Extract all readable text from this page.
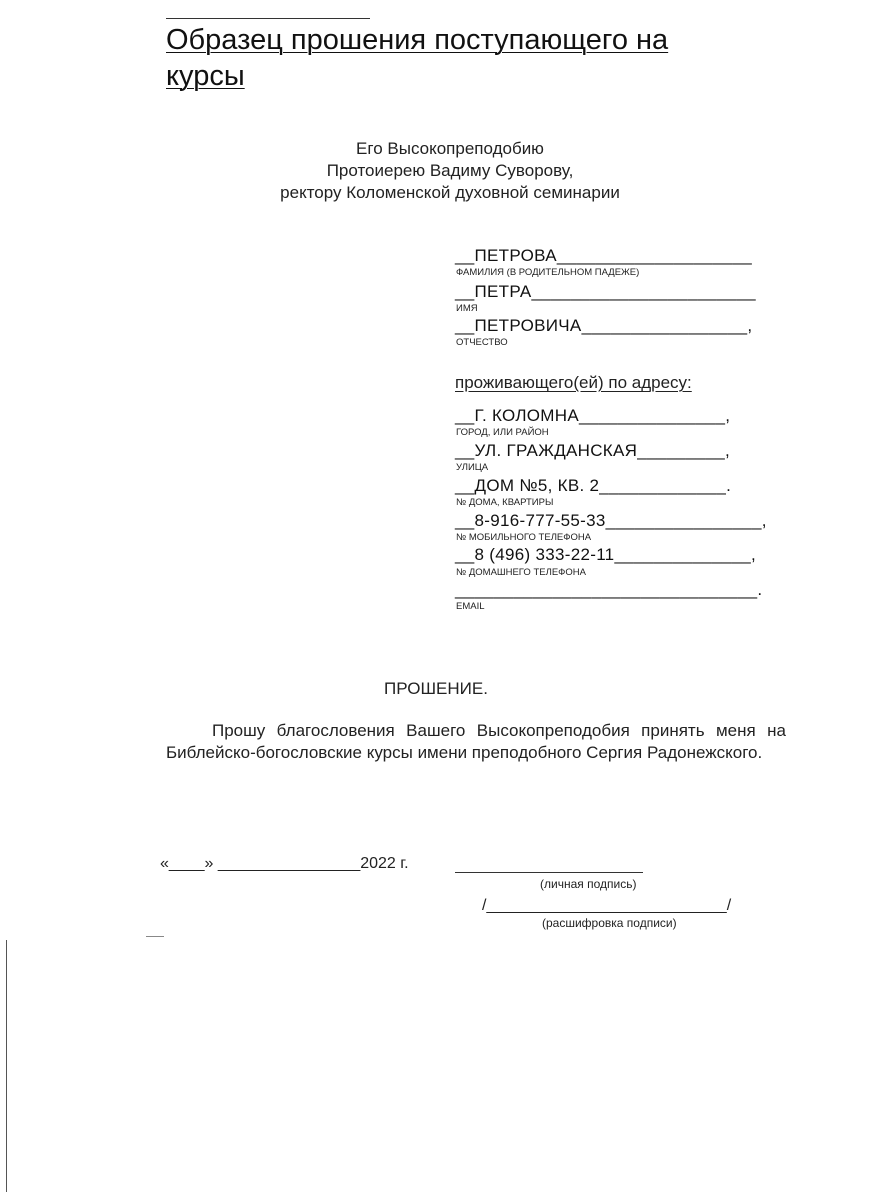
Образец прошения поступающего на курсы
Его Высокопреподобию
Протоиерею Вадиму Суворову,
ректору Коломенской духовной семинарии
__ПЕТРОВА____________________
ФАМИЛИЯ (В РОДИТЕЛЬНОМ ПАДЕЖЕ)
__ПЕТРА_______________________
ИМЯ
__ПЕТРОВИЧА_________________,
ОТЧЕСТВО
проживающего(ей) по адресу:
__Г. КОЛОМНА_______________,
ГОРОД, ИЛИ РАЙОН
__УЛ. ГРАЖДАНСКАЯ_________,
УЛИЦА
__ДОМ №5, КВ. 2_____________.
№ ДОМА, КВАРТИРЫ
__8-916-777-55-33________________,
№ МОБИЛЬНОГО ТЕЛЕФОНА
__8 (496) 333-22-11______________,
№ ДОМАШНЕГО ТЕЛЕФОНА
_______________________________.
EMAIL
ПРОШЕНИЕ.
Прошу благословения Вашего Высокопреподобия принять меня на Библейско-богословские курсы имени преподобного Сергия Радонежского.
«____» ________________2022 г.
(личная подпись)
/___________________________/
(расшифровка подписи)
